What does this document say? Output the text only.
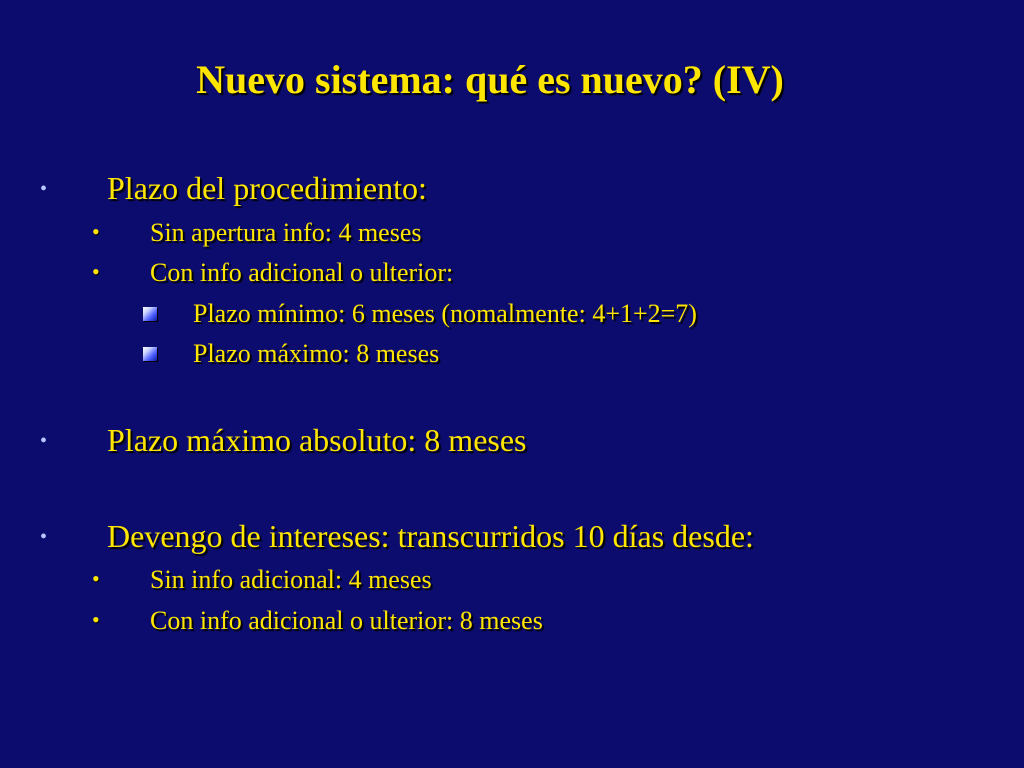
Nuevo sistema: qué es nuevo? (IV)
• Plazo del procedimiento:
• Sin apertura info: 4 meses
• Con info adicional o ulterior:
Plazo mínimo: 6 meses (nomalmente: 4+1+2=7)
Plazo máximo: 8 meses
• Plazo máximo absoluto: 8 meses
• Devengo de intereses: transcurridos 10 días desde:
• Sin info adicional: 4 meses
• Con info adicional o ulterior: 8 meses
